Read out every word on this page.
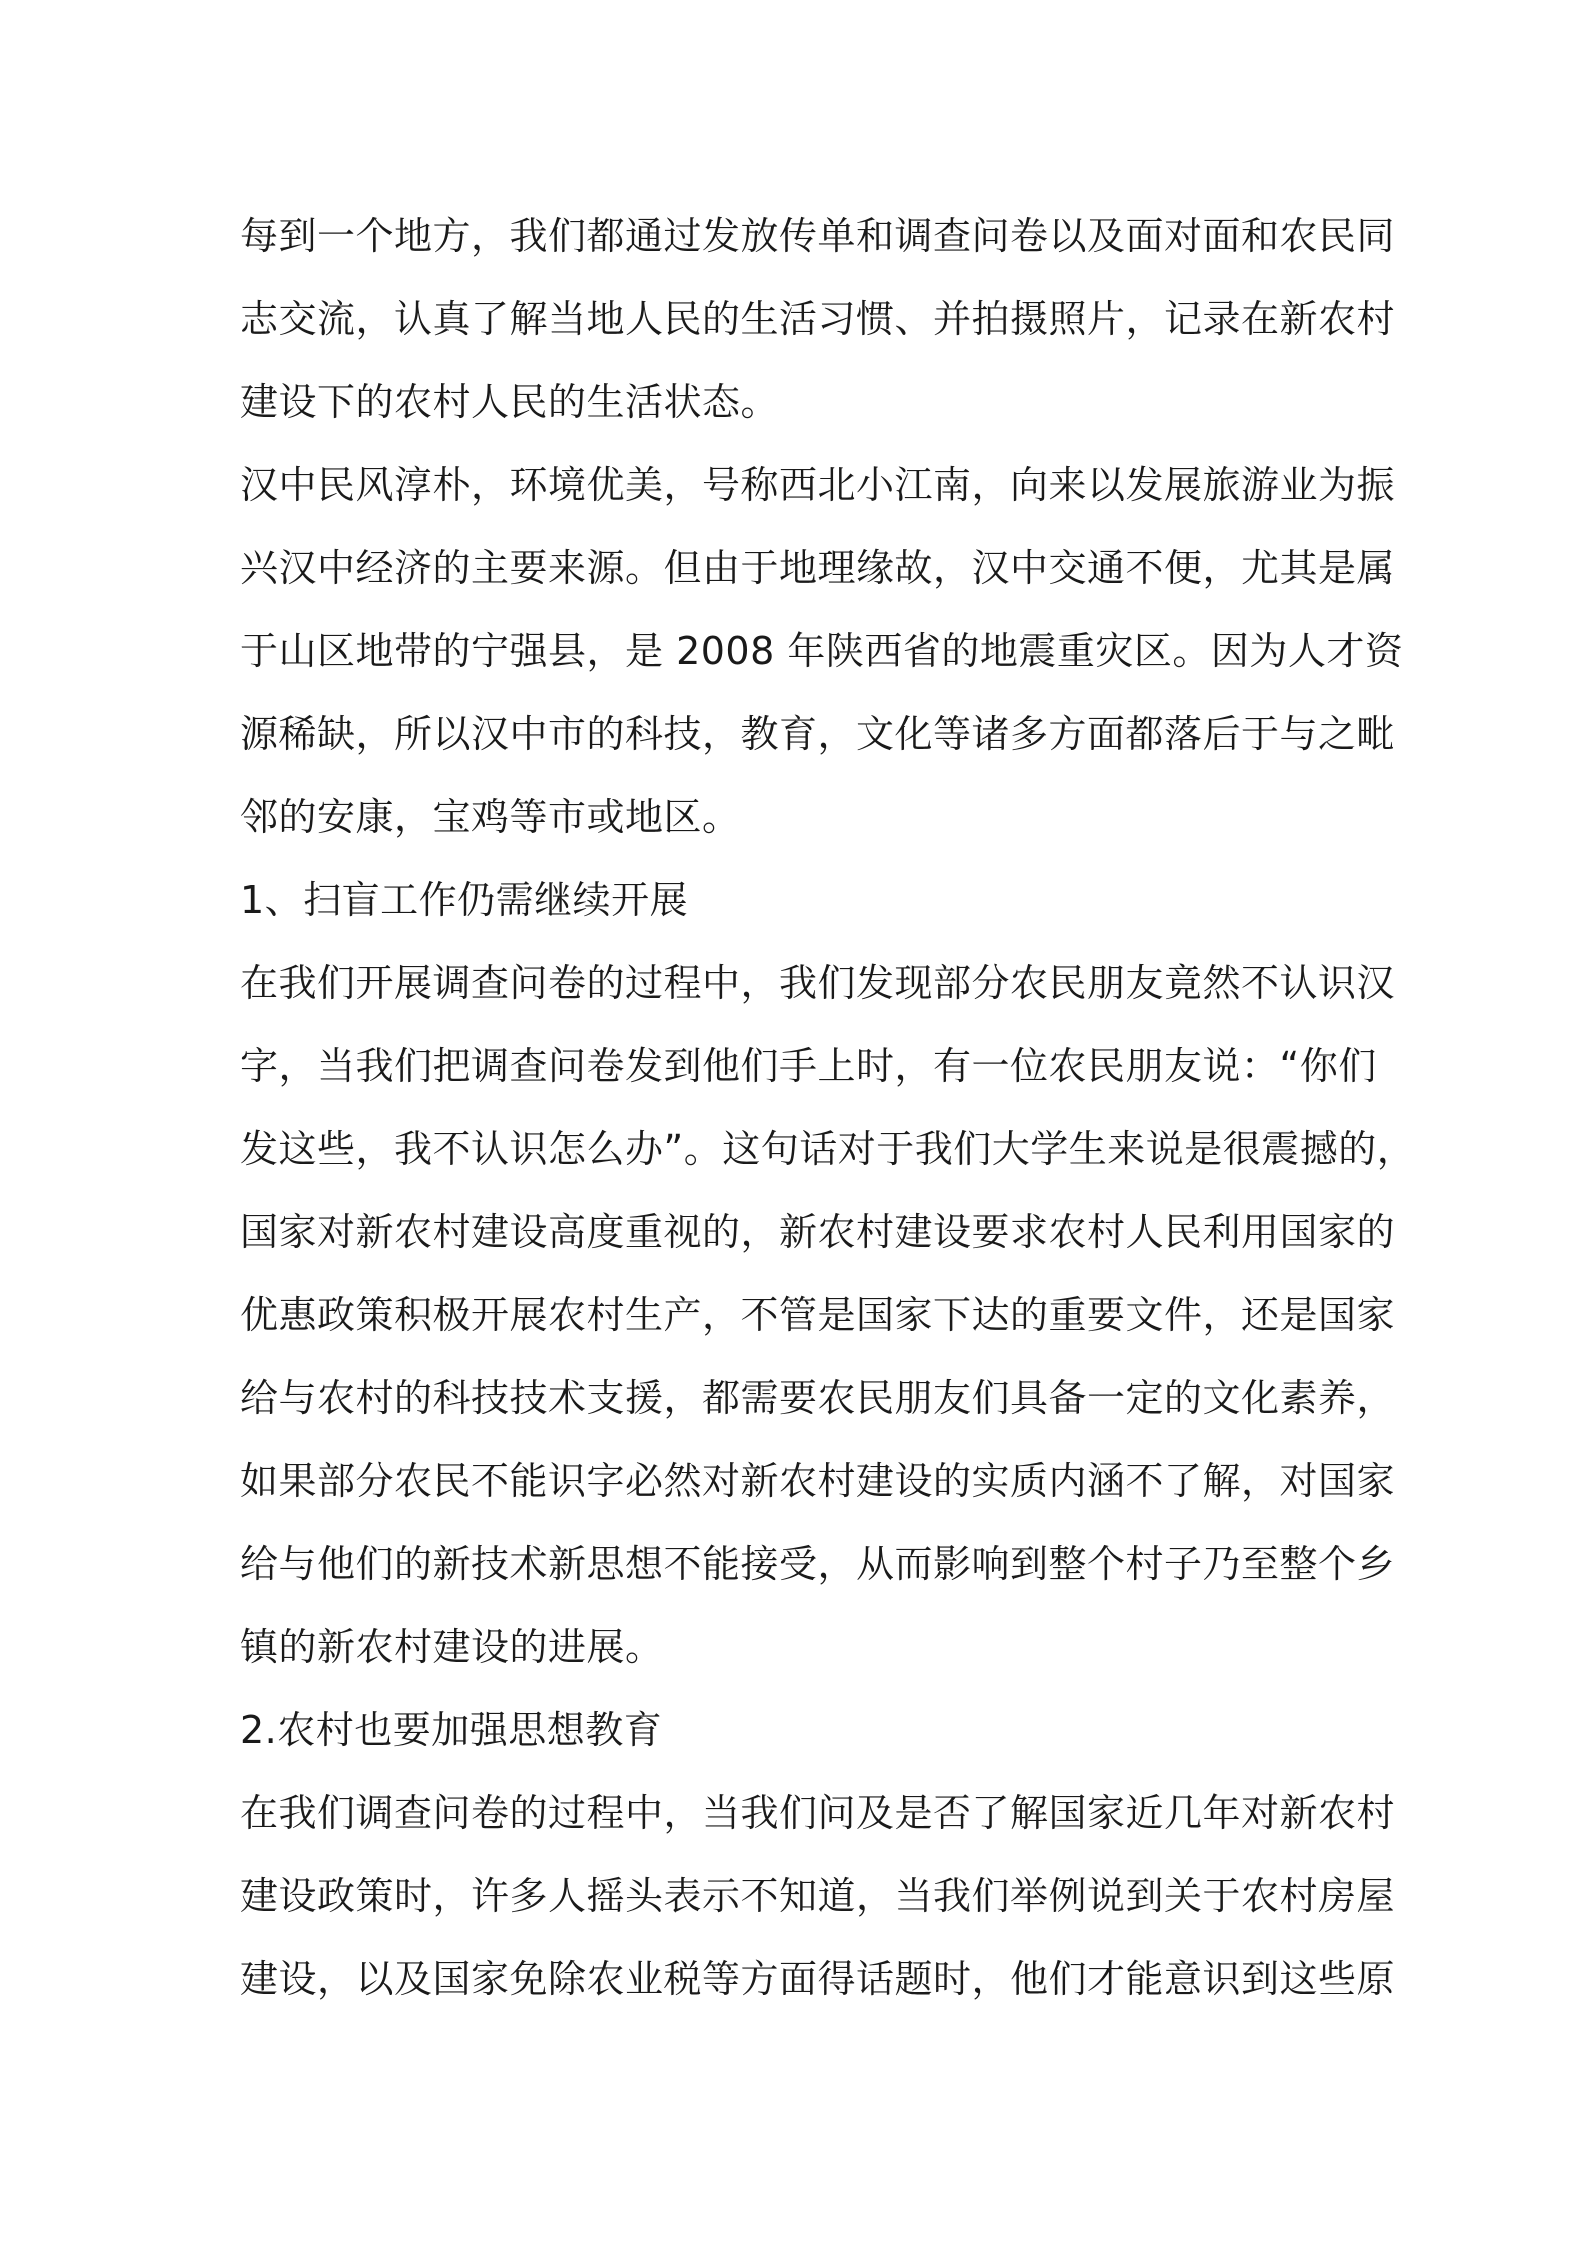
每到一个地方，我们都通过发放传单和调查问卷以及面对面和农民同
志交流，认真了解当地人民的生活习惯、并拍摄照片，记录在新农村
建设下的农村人民的生活状态。
汉中民风淳朴，环境优美，号称西北小江南，向来以发展旅游业为振
兴汉中经济的主要来源。但由于地理缘故，汉中交通不便，尤其是属
于山区地带的宁强县，是 2008 年陕西省的地震重灾区。因为人才资
源稀缺，所以汉中市的科技，教育，文化等诸多方面都落后于与之毗
邻的安康，宝鸡等市或地区。
1、扫盲工作仍需继续开展
在我们开展调查问卷的过程中，我们发现部分农民朋友竟然不认识汉
字，当我们把调查问卷发到他们手上时，有一位农民朋友说：“你们
发这些，我不认识怎么办”。这句话对于我们大学生来说是很震撼的，
国家对新农村建设高度重视的，新农村建设要求农村人民利用国家的
优惠政策积极开展农村生产，不管是国家下达的重要文件，还是国家
给与农村的科技技术支援，都需要农民朋友们具备一定的文化素养，
如果部分农民不能识字必然对新农村建设的实质内涵不了解，对国家
给与他们的新技术新思想不能接受，从而影响到整个村子乃至整个乡
镇的新农村建设的进展。
2.农村也要加强思想教育
在我们调查问卷的过程中，当我们问及是否了解国家近几年对新农村
建设政策时，许多人摇头表示不知道，当我们举例说到关于农村房屋
建设，以及国家免除农业税等方面得话题时，他们才能意识到这些原
